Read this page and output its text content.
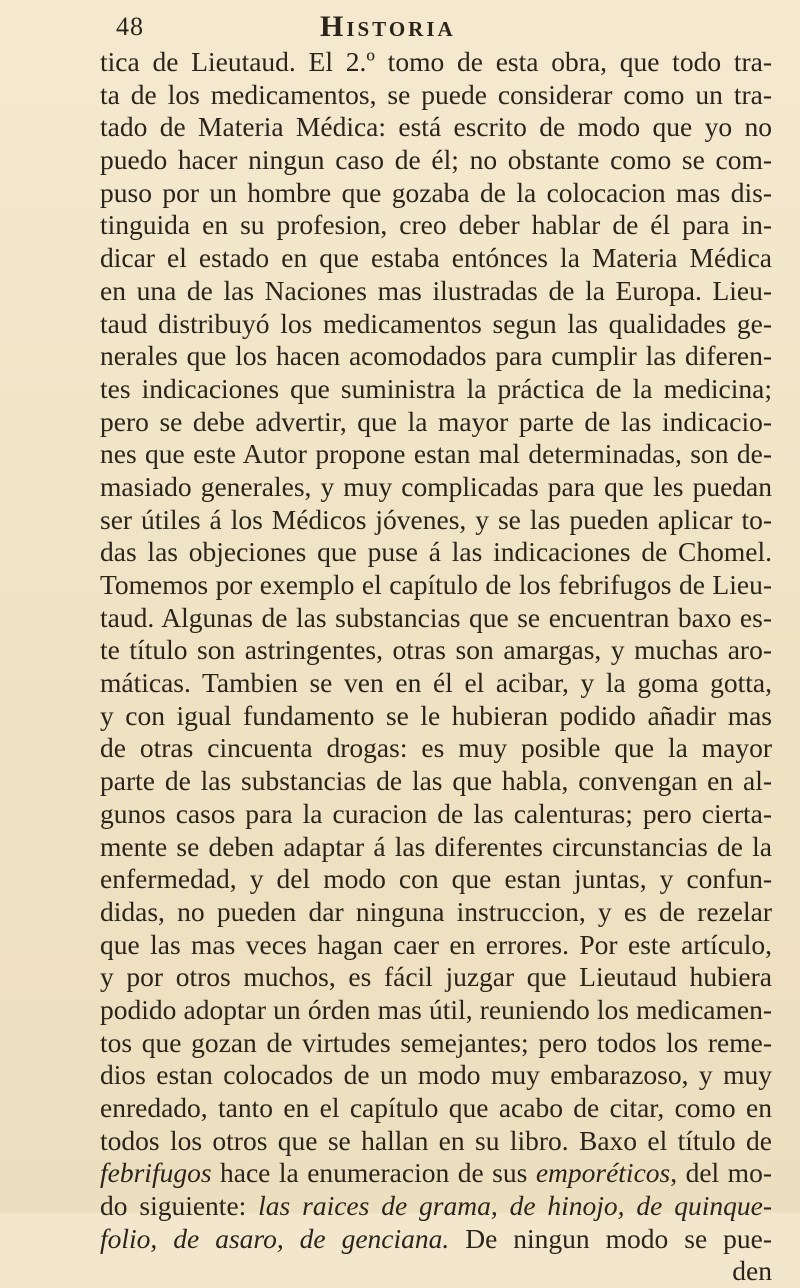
48	Historia
tica de Lieutaud. El 2.º tomo de esta obra, que todo tra-
ta de los medicamentos, se puede considerar como un tra-
tado de Materia Médica: está escrito de modo que yo no
puedo hacer ningun caso de él; no obstante como se com-
puso por un hombre que gozaba de la colocacion mas dis-
tinguida en su profesion, creo deber hablar de él para in-
dicar el estado en que estaba entónces la Materia Médica
en una de las Naciones mas ilustradas de la Europa. Lieu-
taud distribuyó los medicamentos segun las qualidades ge-
nerales que los hacen acomodados para cumplir las diferen-
tes indicaciones que suministra la práctica de la medicina;
pero se debe advertir, que la mayor parte de las indicacio-
nes que este Autor propone estan mal determinadas, son de-
masiado generales, y muy complicadas para que les puedan
ser útiles á los Médicos jóvenes, y se las pueden aplicar to-
das las objeciones que puse á las indicaciones de Chomel.
Tomemos por exemplo el capítulo de los febrifugos de Lieu-
taud. Algunas de las substancias que se encuentran baxo es-
te título son astringentes, otras son amargas, y muchas aro-
máticas. Tambien se ven en él el acibar, y la goma gotta,
y con igual fundamento se le hubieran podido añadir mas
de otras cincuenta drogas: es muy posible que la mayor
parte de las substancias de las que habla, convengan en al-
gunos casos para la curacion de las calenturas; pero cierta-
mente se deben adaptar á las diferentes circunstancias de la
enfermedad, y del modo con que estan juntas, y confun-
didas, no pueden dar ninguna instruccion, y es de rezelar
que las mas veces hagan caer en errores. Por este artículo,
y por otros muchos, es fácil juzgar que Lieutaud hubiera
podido adoptar un órden mas útil, reuniendo los medicamen-
tos que gozan de virtudes semejantes; pero todos los reme-
dios estan colocados de un modo muy embarazoso, y muy
enredado, tanto en el capítulo que acabo de citar, como en
todos los otros que se hallan en su libro. Baxo el título de
febrifugos hace la enumeracion de sus emporéticos, del mo-
do siguiente: las raices de grama, de hinojo, de quinque-
folio, de asaro, de genciana. De ningun modo se pue-
den
